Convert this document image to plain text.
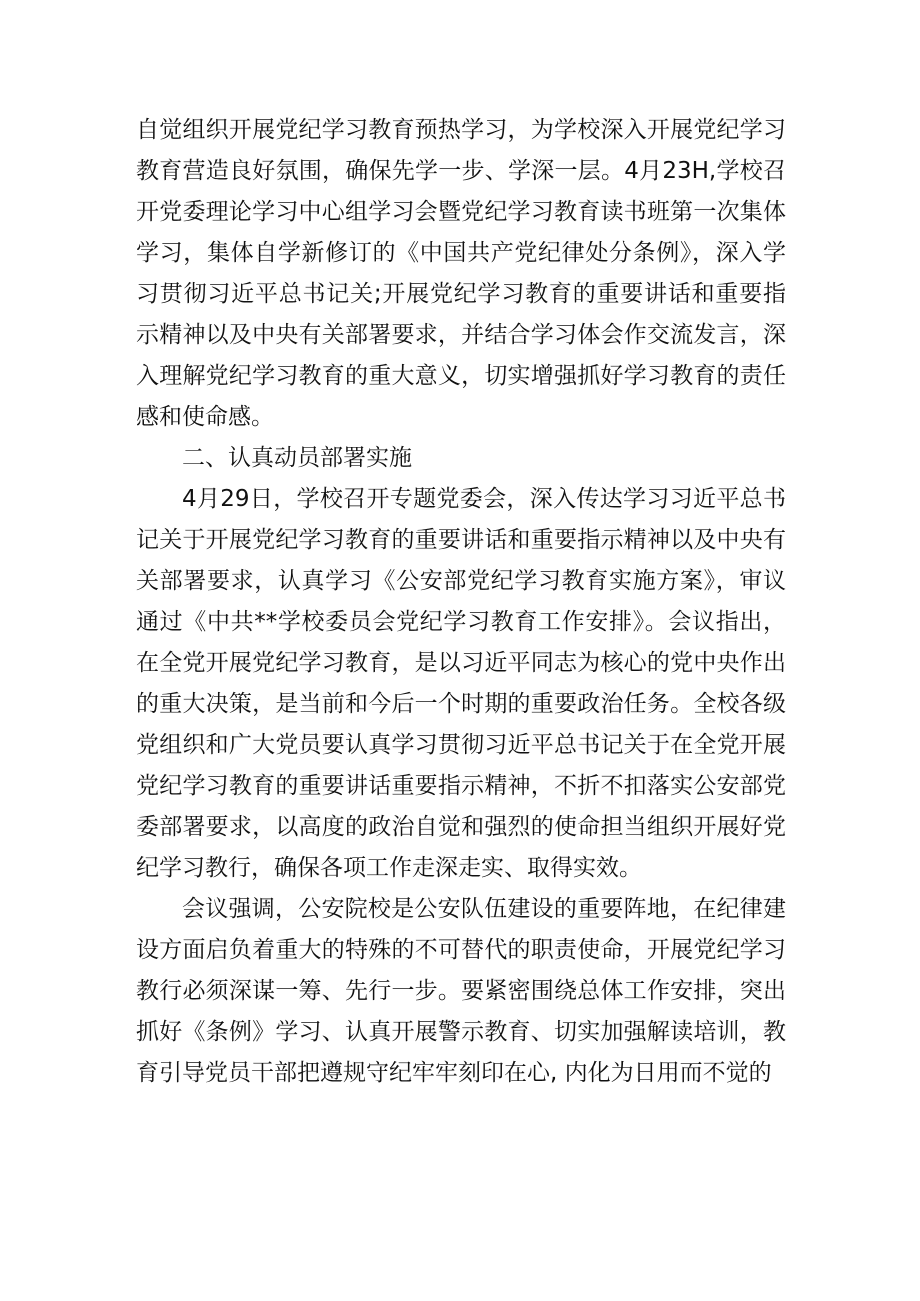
自觉组织开展党纪学习教育预热学习，为学校深入开展党纪学习教育营造良好氛围，确保先学一步、学深一层。4月23H,学校召开党委理论学习中心组学习会暨党纪学习教育读书班第一次集体学习，集体自学新修订的《中国共产党纪律处分条例》，深入学习贯彻习近平总书记关;开展党纪学习教育的重要讲话和重要指示精神以及中央有关部署要求，并结合学习体会作交流发言，深入理解党纪学习教育的重大意义，切实增强抓好学习教育的责任感和使命感。

二、认真动员部署实施

4月29日，学校召开专题党委会，深入传达学习习近平总书记关于开展党纪学习教育的重要讲话和重要指示精神以及中央有关部署要求，认真学习《公安部党纪学习教育实施方案》，审议通过《中共**学校委员会党纪学习教育工作安排》。会议指出，在全党开展党纪学习教育，是以习近平同志为核心的党中央作出的重大决策，是当前和今后一个时期的重要政治任务。全校各级党组织和广大党员要认真学习贯彻习近平总书记关于在全党开展党纪学习教育的重要讲话重要指示精神，不折不扣落实公安部党委部署要求，以高度的政治自觉和强烈的使命担当组织开展好党纪学习教行，确保各项工作走深走实、取得实效。

会议强调，公安院校是公安队伍建设的重要阵地，在纪律建设方面启负着重大的特殊的不可替代的职责使命，开展党纪学习教行必须深谋一筹、先行一步。要紧密围绕总体工作安排，突出抓好《条例》学习、认真开展警示教育、切实加强解读培训，教育引导党员干部把遵规守纪牢牢刻印在心, 内化为日用而不觉的
